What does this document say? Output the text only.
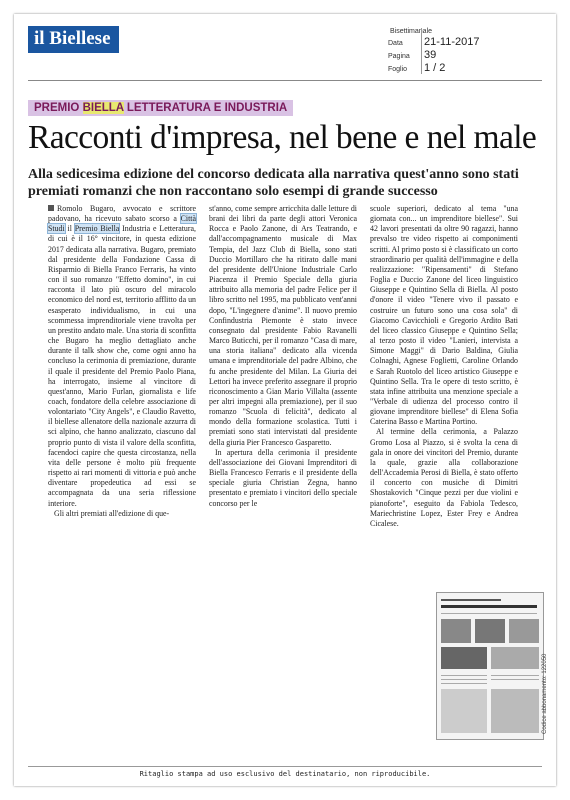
il Biellese	Bisettimanale
Data	21-11-2017
Pagina	39
Foglio	1 / 2
PREMIO BIELLA LETTERATURA E INDUSTRIA
Racconti d'impresa, nel bene e nel male
Alla sedicesima edizione del concorso dedicata alla narrativa quest'anno sono stati premiati romanzi che non raccontano solo esempi di grande successo

Romolo Bugaro, avvocato e scrittore padovano, ha ricevuto sabato scorso a Città Studi il Premio Biella Industria e Letteratura, di cui è il 16° vincitore, in questa edizione 2017 dedicata alla narrativa. Bugaro, premiato dal presidente della Fondazione Cassa di Risparmio di Biella Franco Ferraris, ha vinto con il suo romanzo "Effetto domino", in cui racconta il lato più oscuro del miracolo economico del nord est, territorio afflitto da un esasperato individualismo, in cui una scommessa imprenditoriale viene travolta per un prestito andato male. Una storia di sconfitta che Bugaro ha meglio dettagliato anche durante il talk show che, come ogni anno ha concluso la cerimonia di premiazione, durante il quale il presidente del Premio Paolo Piana, ha interrogato, insieme al vincitore di quest'anno, Mario Furlan, giornalista e life coach, fondatore della celebre associazione di volontariato "City Angels", e Claudio Ravetto, il biellese allenatore della nazionale azzurra di sci alpino, che hanno analizzato, ciascuno dal proprio punto di vista il valore della sconfitta, facendoci capire che questa circostanza, nella vita delle persone è molto più frequente rispetto ai rari momenti di vittoria e può anche diventare propedeutica ad essi se accompagnata da una seria riflessione interiore.

Gli altri premiati all'edizione di que-

st'anno, come sempre arricchita dalle letture di brani dei libri da parte degli attori Veronica Rocca e Paolo Zanone, di Ars Teatrando, e dall'accompagnamento musicale di Max Tempia, del Jazz Club di Biella, sono stati Duccio Mortillaro che ha ritirato dalle mani del presidente dell'Unione Industriale Carlo Piacenza il Premio Speciale della giuria attribuito alla memoria del padre Felice per il libro scritto nel 1995, ma pubblicato vent'anni dopo, "L'ingegnere d'anime". Il nuovo premio Confindustria Piemonte è stato invece consegnato dal presidente Fabio Ravanelli Marco Buticchi, per il romanzo "Casa di mare, una storia italiana" dedicato alla vicenda umana e imprenditoriale del padre Albino, che fu anche presidente del Milan. La Giuria dei Lettori ha invece preferito assegnare il proprio riconoscimento a Gian Mario Villalta (assente per altri impegni alla premiazione), per il suo romanzo "Scuola di felicità", dedicato al mondo della formazione scolastica. Tutti i premiati sono stati intervistati dal presidente della giuria Pier Francesco Gasparetto.

In apertura della cerimonia il presidente dell'associazione dei Giovani Imprenditori di Biella Francesco Ferraris e il presidente della speciale giuria Christian Zegna, hanno presentato e premiato i vincitori dello speciale concorso per le

scuole superiori, dedicato al tema "una giornata con... un imprenditore biellese". Sui 42 lavori presentati da oltre 90 ragazzi, hanno prevalso tre video rispetto ai componimenti scritti. Al primo posto si è classificato un corto straordinario per qualità dell'immagine e della realizzazione: "Ripensamenti" di Stefano Foglia e Duccio Zanone del liceo linguistico Giuseppe e Quintino Sella di Biella. Al posto d'onore il video "Tenere vivo il passato e costruire un futuro sono una cosa sola" di Giacomo Cavicchioli e Gregorio Ardito Bati del liceo classico Giuseppe e Quintino Sella; al terzo posto il video "Lanieri, intervista a Simone Maggi" di Dario Baldina, Giulia Colnaghi, Agnese Foglietti, Caroline Orlando e Sarah Ruotolo del liceo artistico Giuseppe e Quintino Sella. Tra le opere di testo scritto, è stata infine attribuita una menzione speciale a "Verbale di udienza del processo contro il giovane imprenditore biellese" di Elena Sofia Caterina Basso e Martina Portino.

Al termine della cerimonia, a Palazzo Gromo Losa al Piazzo, si è svolta la cena di gala in onore dei vincitori del Premio, durante la quale, grazie alla collaborazione dell'Accademia Perosi di Biella, è stato offerto il concerto con musiche di Dimitri Shostakovich "Cinque pezzi per due violini e pianoforte", eseguito da Fabiola Tedesco, Mariechristine Lopez, Ester Frey e Andrea Cicalese.

Codice abbonamento: 122050
Ritaglio stampa ad uso esclusivo del destinatario, non riproducibile.
